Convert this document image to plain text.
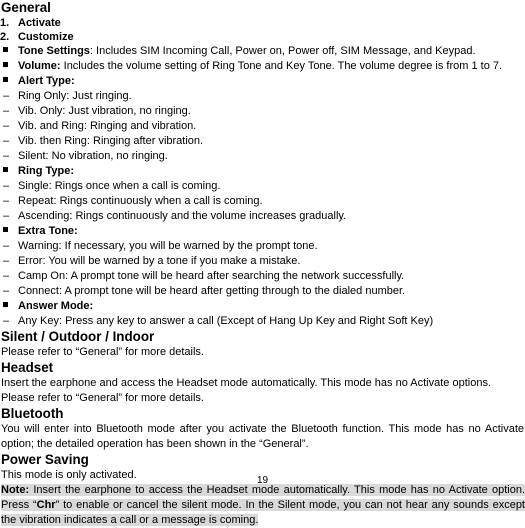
General
1. Activate
2. Customize
Tone Settings: Includes SIM Incoming Call, Power on, Power off, SIM Message, and Keypad.
Volume: Includes the volume setting of Ring Tone and Key Tone. The volume degree is from 1 to 7.
Alert Type:
– Ring Only: Just ringing.
– Vib. Only: Just vibration, no ringing.
– Vib. and Ring: Ringing and vibration.
– Vib. then Ring: Ringing after vibration.
– Silent: No vibration, no ringing.
Ring Type:
– Single: Rings once when a call is coming.
– Repeat: Rings continuously when a call is coming.
– Ascending: Rings continuously and the volume increases gradually.
Extra Tone:
– Warning: If necessary, you will be warned by the prompt tone.
– Error: You will be warned by a tone if you make a mistake.
– Camp On: A prompt tone will be heard after searching the network successfully.
– Connect: A prompt tone will be heard after getting through to the dialed number.
Answer Mode:
– Any Key: Press any key to answer a call (Except of Hang Up Key and Right Soft Key)
Silent / Outdoor / Indoor
Please refer to “General” for more details.
Headset
Insert the earphone and access the Headset mode automatically. This mode has no Activate options.
Please refer to “General” for more details.
Bluetooth
You will enter into Bluetooth mode after you activate the Bluetooth function. This mode has no Activate option; the detailed operation has been shown in the “General”.
Power Saving
This mode is only activated.
Note: Insert the earphone to access the Headset mode automatically. This mode has no Activate option. Press “Chr” to enable or cancel the silent mode. In the Silent mode, you can not hear any sounds except the vibration indicates a call or a message is coming.
19
